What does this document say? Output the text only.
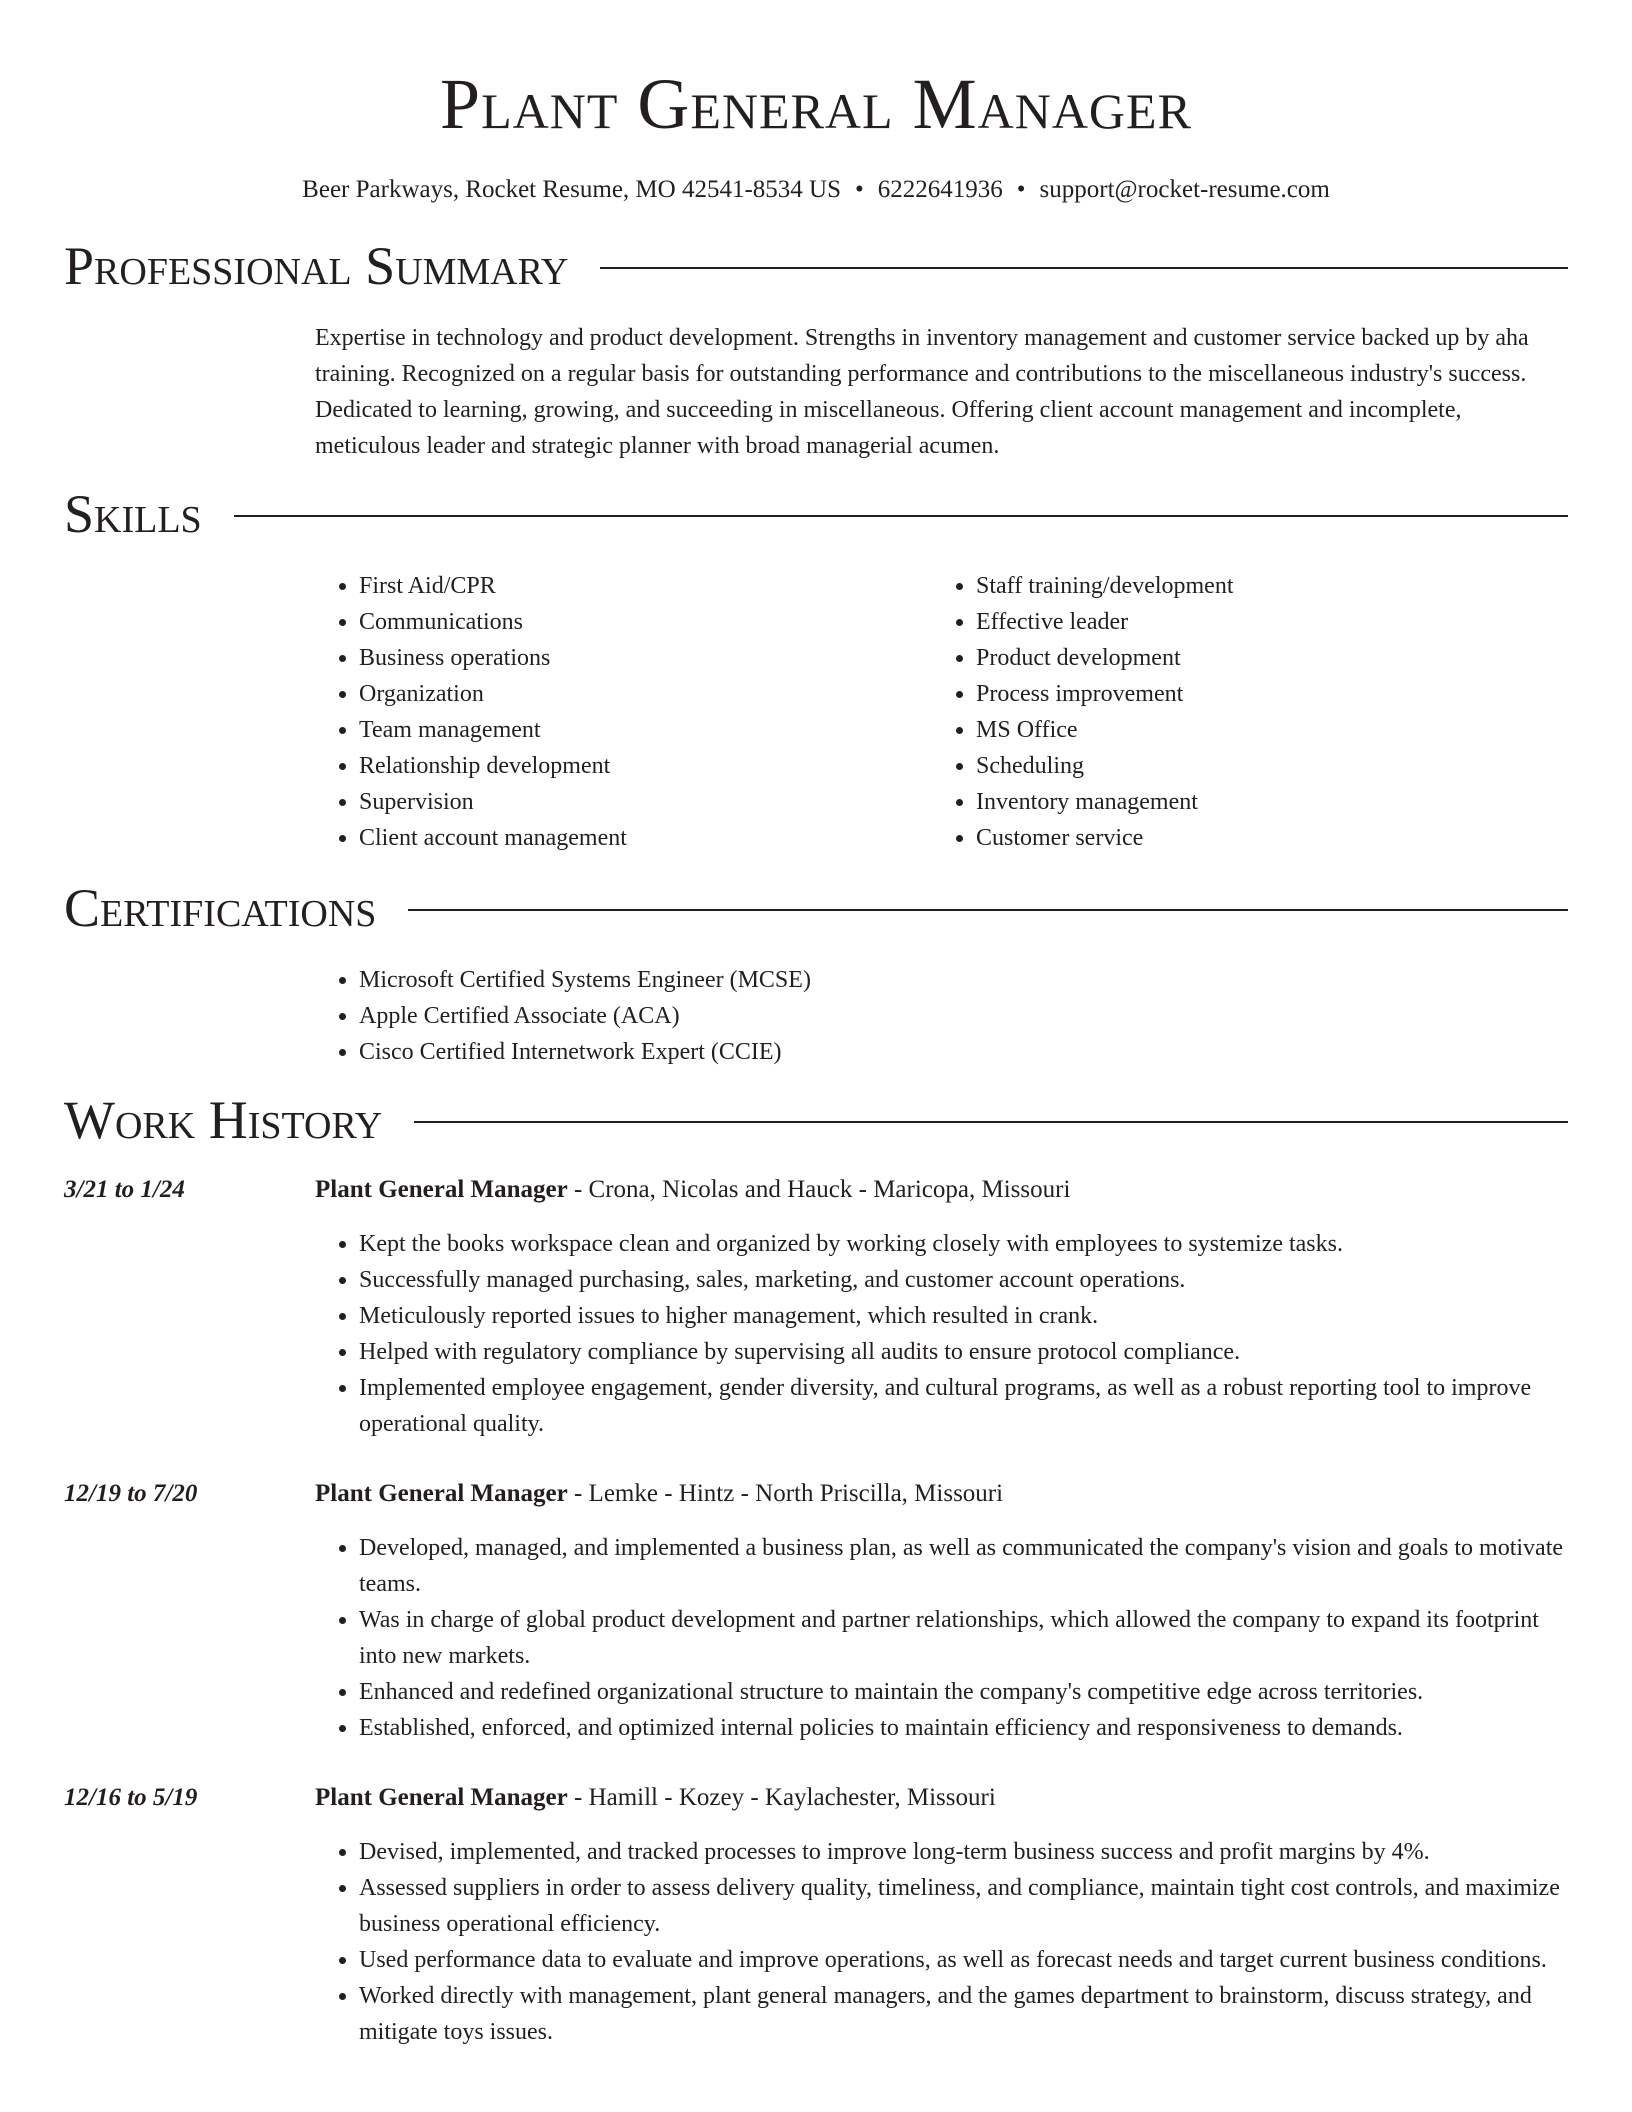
Plant General Manager
Beer Parkways, Rocket Resume, MO 42541-8534 US • 6222641936 • support@rocket-resume.com
Professional Summary
Expertise in technology and product development. Strengths in inventory management and customer service backed up by aha training. Recognized on a regular basis for outstanding performance and contributions to the miscellaneous industry's success. Dedicated to learning, growing, and succeeding in miscellaneous. Offering client account management and incomplete, meticulous leader and strategic planner with broad managerial acumen.
Skills
• First Aid/CPR
• Communications
• Business operations
• Organization
• Team management
• Relationship development
• Supervision
• Client account management
• Staff training/development
• Effective leader
• Product development
• Process improvement
• MS Office
• Scheduling
• Inventory management
• Customer service
Certifications
• Microsoft Certified Systems Engineer (MCSE)
• Apple Certified Associate (ACA)
• Cisco Certified Internetwork Expert (CCIE)
Work History
3/21 to 1/24	Plant General Manager - Crona, Nicolas and Hauck - Maricopa, Missouri
• Kept the books workspace clean and organized by working closely with employees to systemize tasks.
• Successfully managed purchasing, sales, marketing, and customer account operations.
• Meticulously reported issues to higher management, which resulted in crank.
• Helped with regulatory compliance by supervising all audits to ensure protocol compliance.
• Implemented employee engagement, gender diversity, and cultural programs, as well as a robust reporting tool to improve operational quality.
12/19 to 7/20	Plant General Manager - Lemke - Hintz - North Priscilla, Missouri
• Developed, managed, and implemented a business plan, as well as communicated the company's vision and goals to motivate teams.
• Was in charge of global product development and partner relationships, which allowed the company to expand its footprint into new markets.
• Enhanced and redefined organizational structure to maintain the company's competitive edge across territories.
• Established, enforced, and optimized internal policies to maintain efficiency and responsiveness to demands.
12/16 to 5/19	Plant General Manager - Hamill - Kozey - Kaylachester, Missouri
• Devised, implemented, and tracked processes to improve long-term business success and profit margins by 4%.
• Assessed suppliers in order to assess delivery quality, timeliness, and compliance, maintain tight cost controls, and maximize business operational efficiency.
• Used performance data to evaluate and improve operations, as well as forecast needs and target current business conditions.
• Worked directly with management, plant general managers, and the games department to brainstorm, discuss strategy, and mitigate toys issues.
